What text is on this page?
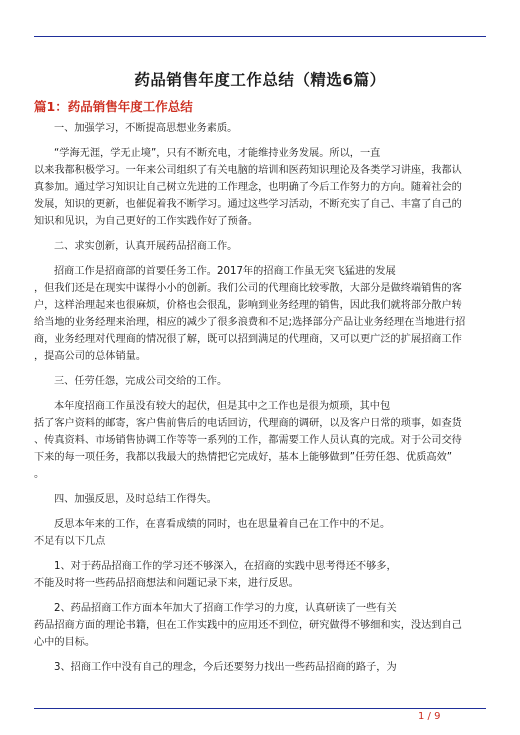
药品销售年度工作总结（精选6篇）
篇1：药品销售年度工作总结

一、加强学习，不断提高思想业务素质。

“学海无涯，学无止境”，只有不断充电，才能维持业务发展。所以，一直

以来我都积极学习。一年来公司组织了有关电脑的培训和医药知识理论及各类学习讲座，我都认

真参加。通过学习知识让自己树立先进的工作理念，也明确了今后工作努力的方向。随着社会的

发展，知识的更新，也催促着我不断学习。通过这些学习活动，不断充实了自己、丰富了自己的

知识和见识，为自己更好的工作实践作好了预备。

二、求实创新，认真开展药品招商工作。

招商工作是招商部的首要任务工作。2017年的招商工作虽无突飞猛进的发展

，但我们还是在现实中谋得小小的创新。我们公司的代理商比较零散，大部分是做终端销售的客

户，这样治理起来也很麻烦，价格也会很乱，影响到业务经理的销售，因此我们就将部分散户转

给当地的业务经理来治理，相应的减少了很多浪费和不足;选择部分产品让业务经理在当地进行招

商，业务经理对代理商的情况很了解，既可以招到满足的代理商，又可以更广泛的扩展招商工作

，提高公司的总体销量。

三、任劳任怨，完成公司交给的工作。

本年度招商工作虽没有较大的起伏，但是其中之工作也是很为烦琐，其中包

括了客户资料的邮寄，客户售前售后的电话回访，代理商的调研，以及客户日常的琐事，如查货

、传真资料、市场销售协调工作等等一系列的工作，都需要工作人员认真的完成。对于公司交待

下来的每一项任务，我都以我最大的热情把它完成好，基本上能够做到”任劳任怨、优质高效”

。

四、加强反思，及时总结工作得失。

反思本年来的工作，在喜看成绩的同时，也在思量着自己在工作中的不足。

不足有以下几点

1、对于药品招商工作的学习还不够深入，在招商的实践中思考得还不够多，

不能及时将一些药品招商想法和问题记录下来，进行反思。

2、药品招商工作方面本年加大了招商工作学习的力度，认真研读了一些有关

药品招商方面的理论书籍，但在工作实践中的应用还不到位，研究做得不够细和实，没达到自己

心中的目标。

3、招商工作中没有自己的理念，今后还要努力找出一些药品招商的路子，为

1 / 9
